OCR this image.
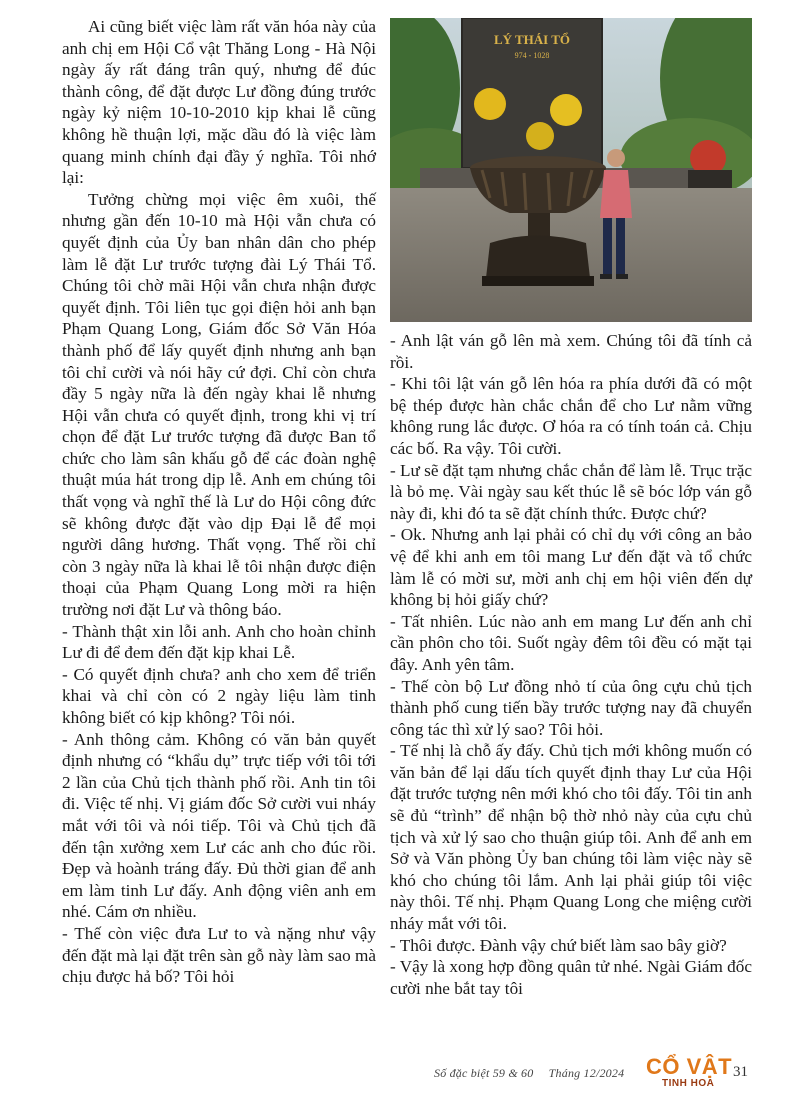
Ai cũng biết việc làm rất văn hóa này của anh chị em Hội Cổ vật Thăng Long - Hà Nội ngày ấy rất đáng trân quý, nhưng để đúc thành công, để đặt được Lư đồng đúng trước ngày kỷ niệm 10-10-2010 kịp khai lễ cũng không hề thuận lợi, mặc dầu đó là việc làm quang minh chính đại đầy ý nghĩa. Tôi nhớ lại:

Tưởng chừng mọi việc êm xuôi, thế nhưng gần đến 10-10 mà Hội vẫn chưa có quyết định của Ủy ban nhân dân cho phép làm lễ đặt Lư trước tượng đài Lý Thái Tổ. Chúng tôi chờ mãi Hội vẫn chưa nhận được quyết định. Tôi liên tục gọi điện hỏi anh bạn Phạm Quang Long, Giám đốc Sở Văn Hóa thành phố để lấy quyết định nhưng anh bạn tôi chỉ cười và nói hãy cứ đợi. Chỉ còn chưa đầy 5 ngày nữa là đến ngày khai lễ nhưng Hội vẫn chưa có quyết định, trong khi vị trí chọn để đặt Lư trước tượng đã được Ban tổ chức cho làm sân khấu gỗ để các đoàn nghệ thuật múa hát trong dịp lễ. Anh em chúng tôi thất vọng và nghĩ thế là Lư do Hội công đức sẽ không được đặt vào dịp Đại lễ để mọi người dâng hương. Thất vọng. Thế rồi chỉ còn 3 ngày nữa là khai lễ tôi nhận được điện thoại của Phạm Quang Long mời ra hiện trường nơi đặt Lư và thông báo.

- Thành thật xin lỗi anh. Anh cho hoàn chỉnh Lư đi để đem đến đặt kịp khai Lễ.

- Có quyết định chưa? anh cho xem để triển khai và chỉ còn có 2 ngày liệu làm tinh không biết có kịp không? Tôi nói.

- Anh thông cảm. Không có văn bản quyết định nhưng có “khẩu dụ” trực tiếp với tôi tới 2 lần của Chủ tịch thành phố rồi. Anh tin tôi đi. Việc tế nhị. Vị giám đốc Sở cười vui nháy mắt với tôi và nói tiếp. Tôi và Chủ tịch đã đến tận xưởng xem Lư các anh cho đúc rồi. Đẹp và hoành tráng đấy. Đủ thời gian để anh em làm tinh Lư đấy. Anh động viên anh em nhé. Cám ơn nhiều.

- Thế còn việc đưa Lư to và nặng như vậy đến đặt mà lại đặt trên sàn gỗ này làm sao mà chịu được hả bố? Tôi hỏi

LÝ THÁI TỔ
974 - 1028

- Anh lật ván gỗ lên mà xem. Chúng tôi đã tính cả rồi.

- Khi tôi lật ván gỗ lên hóa ra phía dưới đã có một bệ thép được hàn chắc chắn để cho Lư nằm vững không rung lắc được. Ơ hóa ra có tính toán cả. Chịu các bố. Ra vậy. Tôi cười.

- Lư sẽ đặt tạm nhưng chắc chắn để làm lễ. Trục trặc là bỏ mẹ. Vài ngày sau kết thúc lễ sẽ bóc lớp ván gỗ này đi, khi đó ta sẽ đặt chính thức. Được chứ?

- Ok. Nhưng anh lại phải có chỉ dụ với công an bảo vệ để khi anh em tôi mang Lư đến đặt và tổ chức làm lễ có mời sư, mời anh chị em hội viên đến dự không bị hỏi giấy chứ?

- Tất nhiên. Lúc nào anh em mang Lư đến anh chỉ cần phôn cho tôi. Suốt ngày đêm tôi đều có mặt tại đây. Anh yên tâm.

- Thế còn bộ Lư đồng nhỏ tí của ông cựu chủ tịch thành phố cung tiến bầy trước tượng nay đã chuyển công tác thì xử lý sao? Tôi hỏi.

- Tế nhị là chỗ ấy đấy. Chủ tịch mới không muốn có văn bản để lại dấu tích quyết định thay Lư của Hội đặt trước tượng nên mới khó cho tôi đấy. Tôi tin anh sẽ đủ “trình” để nhận bộ thờ nhỏ này của cựu chủ tịch và xử lý sao cho thuận giúp tôi. Anh để anh em Sở và Văn phòng Ủy ban chúng tôi làm việc này sẽ khó cho chúng tôi lắm. Anh lại phải giúp tôi việc này thôi. Tế nhị. Phạm Quang Long che miệng cười nháy mắt với tôi.

- Thôi được. Đành vậy chứ biết làm sao bây giờ?

- Vậy là xong hợp đồng quân tử nhé. Ngài Giám đốc cười nhe bắt tay tôi

Số đặc biệt 59 & 60 Tháng 12/2024 CỔ VẬT
TINH HOA
31
